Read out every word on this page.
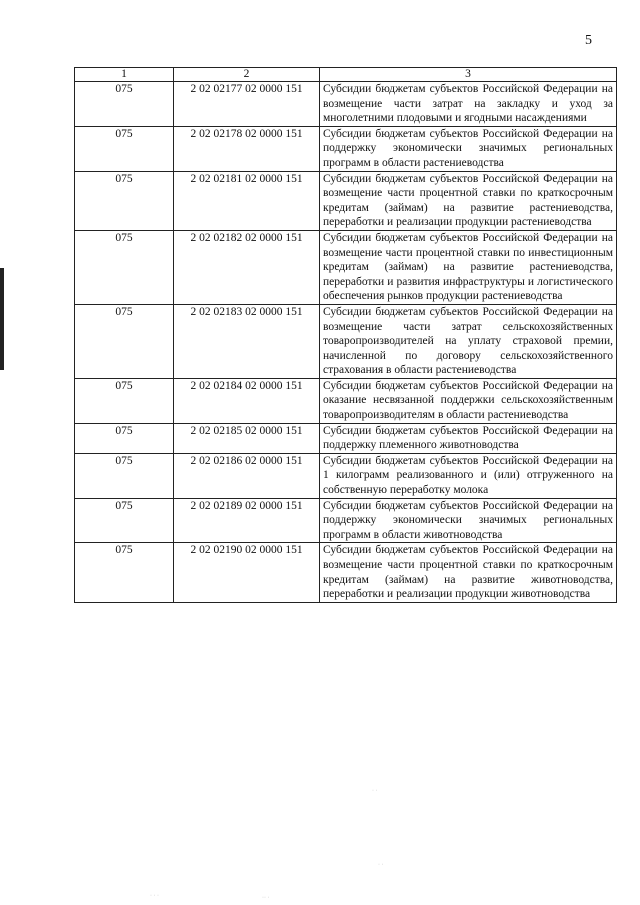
5
1	2	3
075	2 02 02177 02 0000 151	Субсидии бюджетам субъектов Российской Федерации на возмещение части затрат на закладку и уход за многолетними плодовыми и ягодными насаждениями
075	2 02 02178 02 0000 151	Субсидии бюджетам субъектов Российской Федерации на поддержку экономически значимых региональных программ в области растениеводства
075	2 02 02181 02 0000 151	Субсидии бюджетам субъектов Российской Федерации на возмещение части процентной ставки по краткосрочным кредитам (займам) на развитие растениеводства, переработки и реализации продукции растениеводства
075	2 02 02182 02 0000 151	Субсидии бюджетам субъектов Российской Федерации на возмещение части процентной ставки по инвестиционным кредитам (займам) на развитие растениеводства, переработки и развития инфраструктуры и логистического обеспечения рынков продукции растениеводства
075	2 02 02183 02 0000 151	Субсидии бюджетам субъектов Российской Федерации на возмещение части затрат сельскохозяйственных товаропроизводителей на уплату страховой премии, начисленной по договору сельскохозяйственного страхования в области растениеводства
075	2 02 02184 02 0000 151	Субсидии бюджетам субъектов Российской Федерации на оказание несвязанной поддержки сельскохозяйственным товаропроизводителям в области растениеводства
075	2 02 02185 02 0000 151	Субсидии бюджетам субъектов Российской Федерации на поддержку племенного животноводства
075	2 02 02186 02 0000 151	Субсидии бюджетам субъектов Российской Федерации на 1 килограмм реализованного и (или) отгруженного на собственную переработку молока
075	2 02 02189 02 0000 151	Субсидии бюджетам субъектов Российской Федерации на поддержку экономически значимых региональных программ в области животноводства
075	2 02 02190 02 0000 151	Субсидии бюджетам субъектов Российской Федерации на возмещение части процентной ставки по краткосрочным кредитам (займам) на развитие животноводства, переработки и реализации продукции животноводства
· ·
· ·
· · ·	·· ·
